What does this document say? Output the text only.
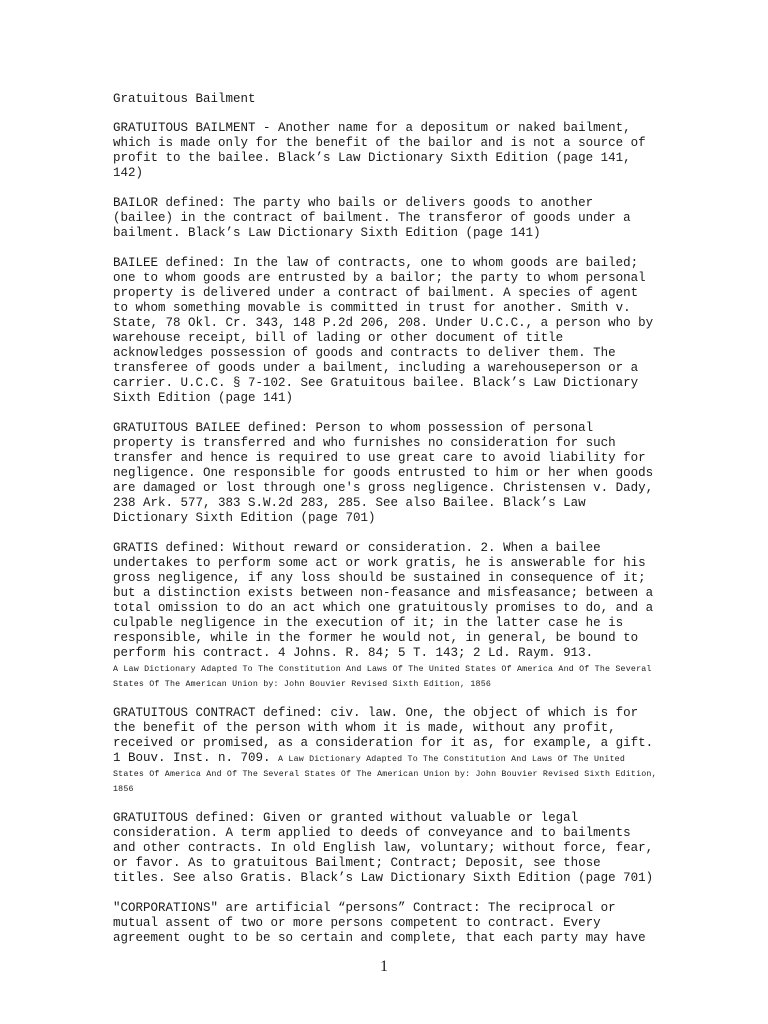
Gratuitous Bailment
GRATUITOUS BAILMENT - Another name for a depositum or naked bailment, which is made only for the benefit of the bailor and is not a source of profit to the bailee. Black’s Law Dictionary Sixth Edition (page 141, 142)
BAILOR defined: The party who bails or delivers goods to another (bailee) in the contract of bailment. The transferor of goods under a bailment. Black’s Law Dictionary Sixth Edition (page 141)
BAILEE defined: In the law of contracts, one to whom goods are bailed; one to whom goods are entrusted by a bailor; the party to whom personal property is delivered under a contract of bailment. A species of agent to whom something movable is committed in trust for another. Smith v. State, 78 Okl. Cr. 343, 148 P.2d 206, 208. Under U.C.C., a person who by warehouse receipt, bill of lading or other document of title acknowledges possession of goods and contracts to deliver them. The transferee of goods under a bailment, including a warehouseperson or a carrier. U.C.C. § 7-102. See Gratuitous bailee. Black’s Law Dictionary Sixth Edition (page 141)
GRATUITOUS BAILEE defined: Person to whom possession of personal property is transferred and who furnishes no consideration for such transfer and hence is required to use great care to avoid liability for negligence. One responsible for goods entrusted to him or her when goods are damaged or lost through one's gross negligence. Christensen v. Dady, 238 Ark. 577, 383 S.W.2d 283, 285. See also Bailee. Black’s Law Dictionary Sixth Edition (page 701)
GRATIS defined: Without reward or consideration. 2. When a bailee undertakes to perform some act or work gratis, he is answerable for his gross negligence, if any loss should be sustained in consequence of it; but a distinction exists between non-feasance and misfeasance; between a total omission to do an act which one gratuitously promises to do, and a culpable negligence in the execution of it; in the latter case he is responsible, while in the former he would not, in general, be bound to perform his contract. 4 Johns. R. 84; 5 T. 143; 2 Ld. Raym. 913.
A Law Dictionary Adapted To The Constitution And Laws Of The United States Of America And Of The Several States Of The American Union by: John Bouvier Revised Sixth Edition, 1856
GRATUITOUS CONTRACT defined: civ. law. One, the object of which is for the benefit of the person with whom it is made, without any profit, received or promised, as a consideration for it as, for example, a gift. 1 Bouv. Inst. n. 709. A Law Dictionary Adapted To The Constitution And Laws Of The United States Of America And Of The Several States Of The American Union by: John Bouvier Revised Sixth Edition, 1856
GRATUITOUS defined: Given or granted without valuable or legal consideration. A term applied to deeds of conveyance and to bailments and other contracts. In old English law, voluntary; without force, fear, or favor. As to gratuitous Bailment; Contract; Deposit, see those titles. See also Gratis. Black’s Law Dictionary Sixth Edition (page 701)
"CORPORATIONS" are artificial “persons” Contract: The reciprocal or mutual assent of two or more persons competent to contract. Every agreement ought to be so certain and complete, that each party may have
1
